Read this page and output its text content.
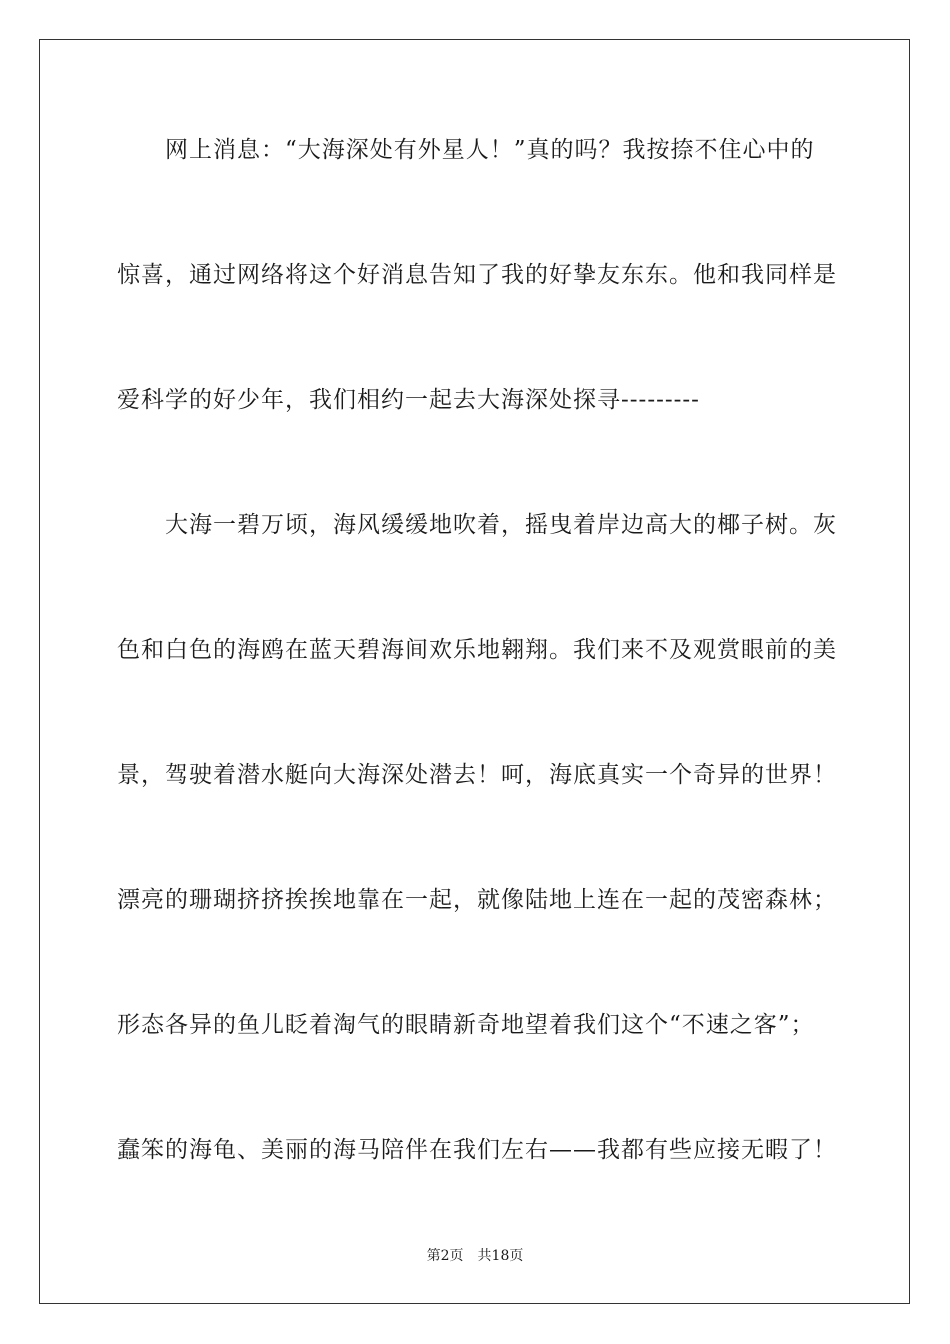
网上消息：“大海深处有外星人！”真的吗？我按捺不住心中的
惊喜，通过网络将这个好消息告知了我的好挚友东东。他和我同样是
爱科学的好少年，我们相约一起去大海深处探寻---------
大海一碧万顷，海风缓缓地吹着，摇曳着岸边高大的椰子树。灰
色和白色的海鸥在蓝天碧海间欢乐地翱翔。我们来不及观赏眼前的美
景，驾驶着潜水艇向大海深处潜去！呵，海底真实一个奇异的世界！
漂亮的珊瑚挤挤挨挨地靠在一起，就像陆地上连在一起的茂密森林；
形态各异的鱼儿眨着淘气的眼睛新奇地望着我们这个“不速之客”；
蠢笨的海龟、美丽的海马陪伴在我们左右——我都有些应接无暇了！
第2页 共18页
